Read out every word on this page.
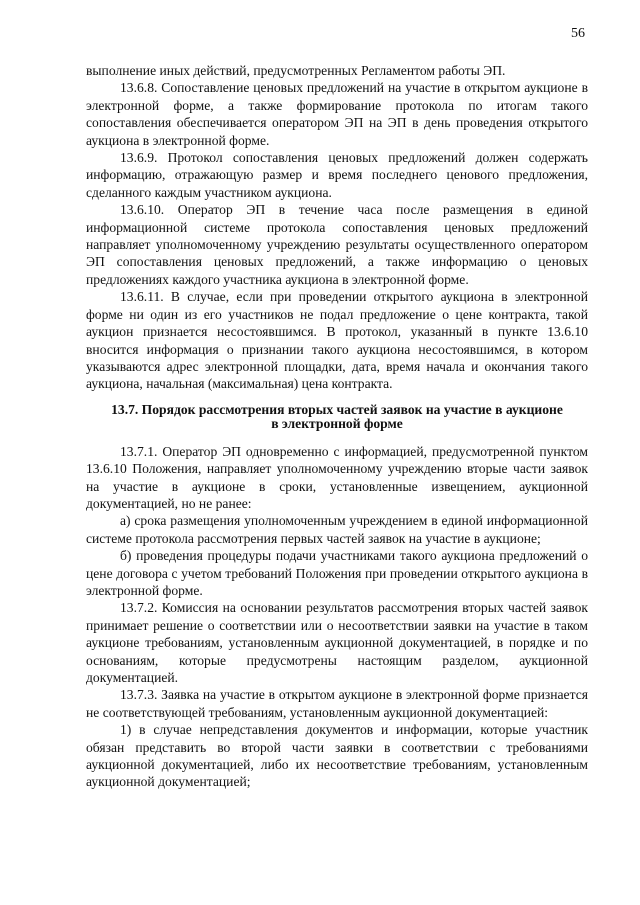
56

выполнение иных действий, предусмотренных Регламентом работы ЭП.

13.6.8. Сопоставление ценовых предложений на участие в открытом аукционе в электронной форме, а также формирование протокола по итогам такого сопоставления обеспечивается оператором ЭП на ЭП в день проведения открытого аукциона в электронной форме.

13.6.9. Протокол сопоставления ценовых предложений должен содержать информацию, отражающую размер и время последнего ценового предложения, сделанного каждым участником аукциона.

13.6.10. Оператор ЭП в течение часа после размещения в единой информационной системе протокола сопоставления ценовых предложений направляет уполномоченному учреждению результаты осуществленного оператором ЭП сопоставления ценовых предложений, а также информацию о ценовых предложениях каждого участника аукциона в электронной форме.

13.6.11. В случае, если при проведении открытого аукциона в электронной форме ни один из его участников не подал предложение о цене контракта, такой аукцион признается несостоявшимся. В протокол, указанный в пункте 13.6.10 вносится информация о признании такого аукциона несостоявшимся, в котором указываются адрес электронной площадки, дата, время начала и окончания такого аукциона, начальная (максимальная) цена контракта.

13.7. Порядок рассмотрения вторых частей заявок на участие в аукционе
в электронной форме

13.7.1. Оператор ЭП одновременно с информацией, предусмотренной пунктом 13.6.10 Положения, направляет уполномоченному учреждению вторые части заявок на участие в аукционе в сроки, установленные извещением, аукционной документацией, но не ранее:

а) срока размещения уполномоченным учреждением в единой информационной системе протокола рассмотрения первых частей заявок на участие в аукционе;

б) проведения процедуры подачи участниками такого аукциона предложений о цене договора с учетом требований Положения при проведении открытого аукциона в электронной форме.

13.7.2. Комиссия на основании результатов рассмотрения вторых частей заявок принимает решение о соответствии или о несоответствии заявки на участие в таком аукционе требованиям, установленным аукционной документацией, в порядке и по основаниям, которые предусмотрены настоящим разделом, аукционной документацией.

13.7.3. Заявка на участие в открытом аукционе в электронной форме признается не соответствующей требованиям, установленным аукционной документацией:

1) в случае непредставления документов и информации, которые участник обязан представить во второй части заявки в соответствии с требованиями аукционной документацией, либо их несоответствие требованиям, установленным аукционной документацией;
